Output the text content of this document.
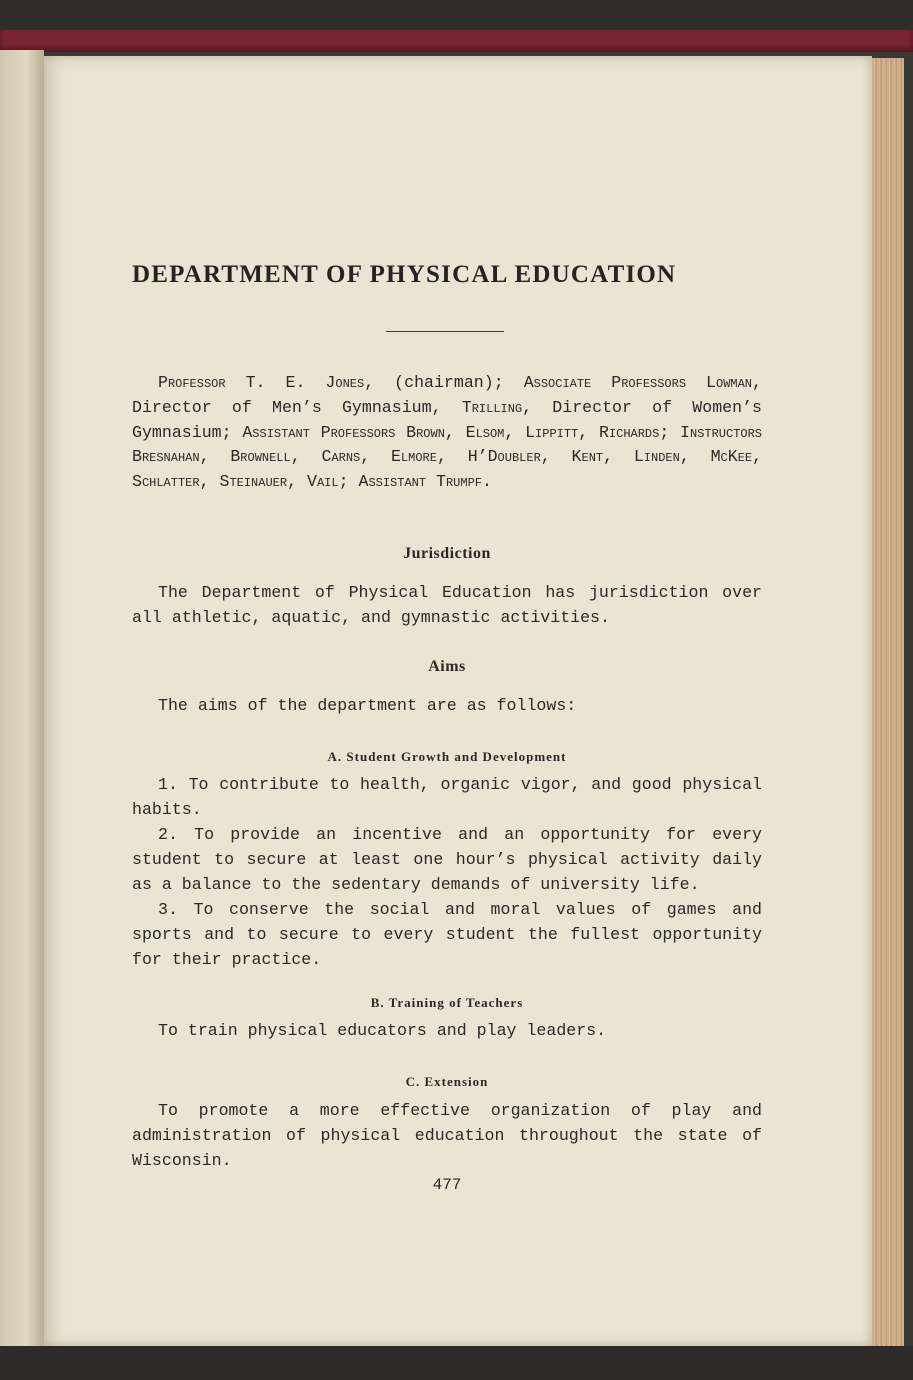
DEPARTMENT OF PHYSICAL EDUCATION

Professor T. E. Jones, (chairman); Associate Professors Lowman, Director of Men’s Gymnasium, Trilling, Director of Women’s Gymnasium; Assistant Professors Brown, Elsom, Lippitt, Richards; Instructors Bresnahan, Brownell, Carns, Elmore, H’Doubler, Kent, Linden, McKee, Schlatter, Steinauer, Vail; Assistant Trumpf.

Jurisdiction

The Department of Physical Education has jurisdiction over all athletic, aquatic, and gymnastic activities.

Aims

The aims of the department are as follows:

A. Student Growth and Development

1. To contribute to health, organic vigor, and good physical habits.

2. To provide an incentive and an opportunity for every student to secure at least one hour’s physical activity daily as a balance to the sedentary demands of university life.

3. To conserve the social and moral values of games and sports and to secure to every student the fullest opportunity for their practice.

B. Training of Teachers

To train physical educators and play leaders.

C. Extension

To promote a more effective organization of play and administration of physical education throughout the state of Wisconsin.

477
